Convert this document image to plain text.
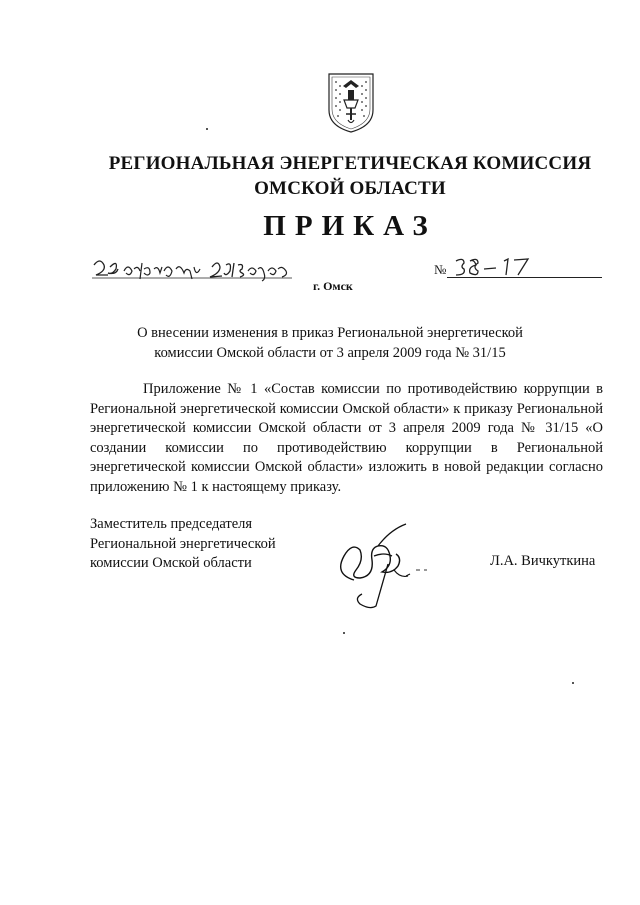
РЕГИОНАЛЬНАЯ ЭНЕРГЕТИЧЕСКАЯ КОМИССИЯ
ОМСКОЙ ОБЛАСТИ
ПРИКАЗ
г. Омск
№
О внесении изменения в приказ Региональной энергетической
комиссии Омской области от 3 апреля 2009 года № 31/15

Приложение № 1 «Состав комиссии по противодействию коррупции в Региональной энергетической комиссии Омской области» к приказу Региональной энергетической комиссии Омской области от 3 апреля 2009 года № 31/15 «О создании комиссии по противодействию коррупции в Региональной энергетической комиссии Омской области» изложить в новой редакции согласно приложению № 1 к настоящему приказу.

Заместитель председателя
Региональной энергетической
комиссии Омской области	Л.А. Вичкуткина
